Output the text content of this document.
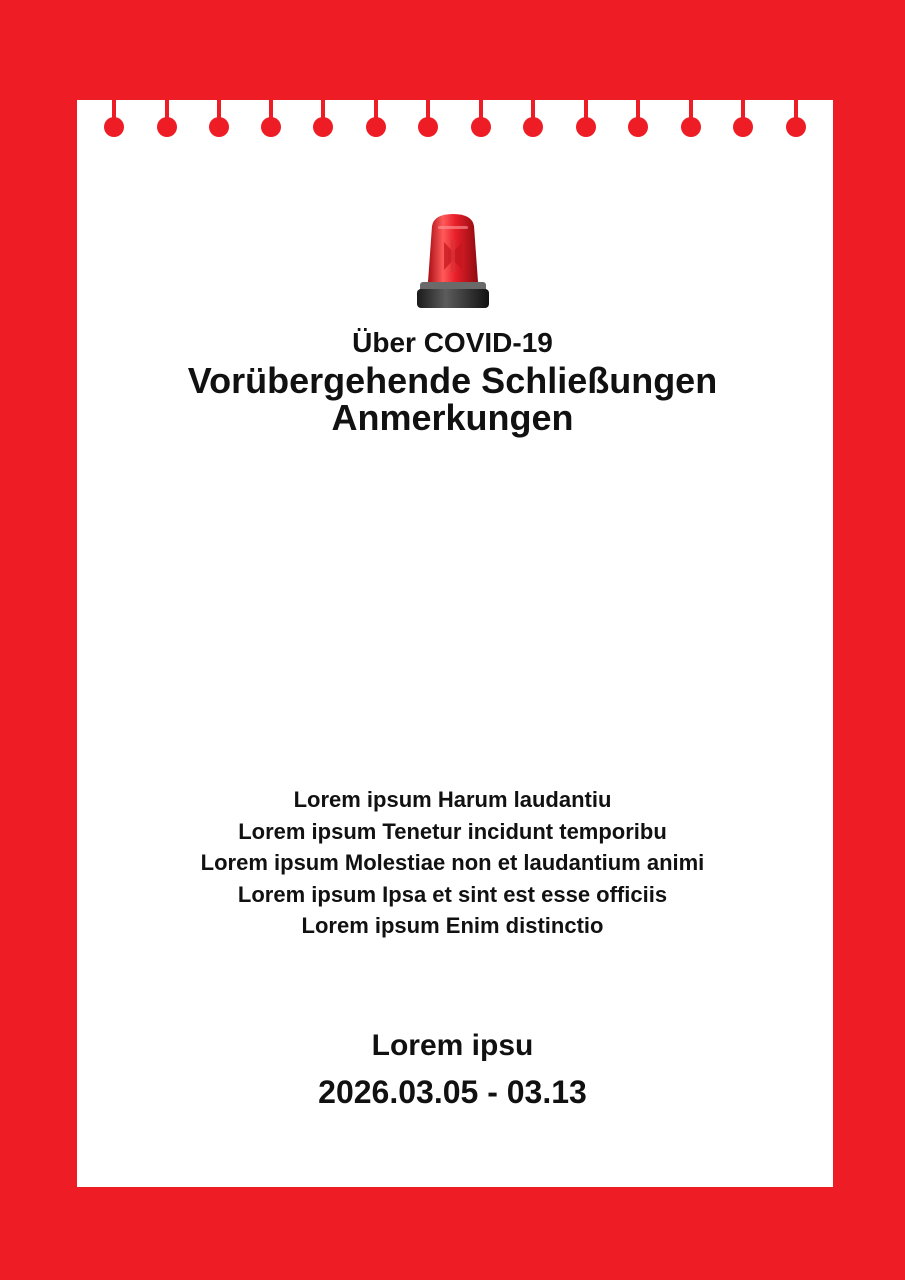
Über COVID-19
Vorübergehende Schließungen
Anmerkungen
Lorem ipsum Harum laudantiu
Lorem ipsum Tenetur incidunt temporibu
Lorem ipsum Molestiae non et laudantium animi
Lorem ipsum Ipsa et sint est esse officiis
Lorem ipsum Enim distinctio
Lorem ipsu
2026.03.05 - 03.13
